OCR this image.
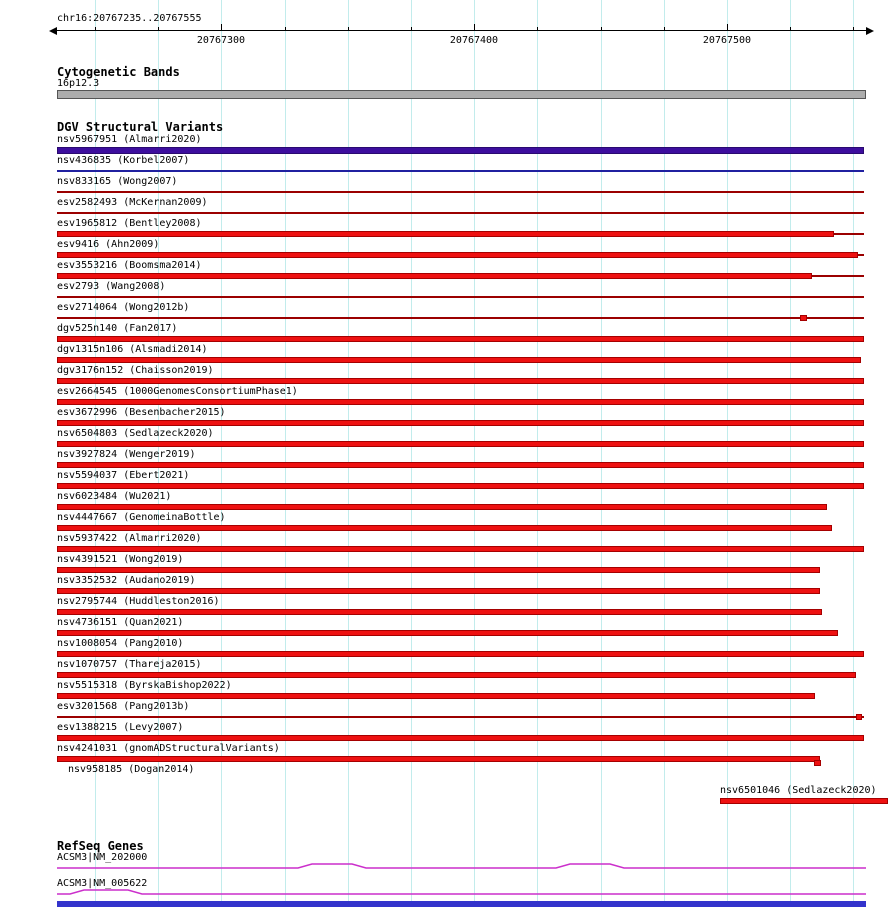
chr16:20767235..20767555
20767300	20767400	20767500
Cytogenetic Bands
16p12.3
DGV Structural Variants
nsv5967951 (Almarri2020)
nsv436835 (Korbel2007)
nsv833165 (Wong2007)
esv2582493 (McKernan2009)
esv1965812 (Bentley2008)
esv9416 (Ahn2009)
esv3553216 (Boomsma2014)
esv2793 (Wang2008)
esv2714064 (Wong2012b)
dgv525n140 (Fan2017)
dgv1315n106 (Alsmadi2014)
dgv3176n152 (Chaisson2019)
esv2664545 (1000GenomesConsortiumPhase1)
esv3672996 (Besenbacher2015)
nsv6504803 (Sedlazeck2020)
nsv3927824 (Wenger2019)
nsv5594037 (Ebert2021)
nsv6023484 (Wu2021)
nsv4447667 (GenomeinaBottle)
nsv5937422 (Almarri2020)
nsv4391521 (Wong2019)
nsv3352532 (Audano2019)
nsv2795744 (Huddleston2016)
nsv4736151 (Quan2021)
nsv1008054 (Pang2010)
nsv1070757 (Thareja2015)
nsv5515318 (ByrskaBishop2022)
esv3201568 (Pang2013b)
esv1388215 (Levy2007)
nsv4241031 (gnomADStructuralVariants)
nsv958185 (Dogan2014)
nsv6501046 (Sedlazeck2020)
RefSeq Genes
ACSM3|NM_202000
ACSM3|NM_005622
